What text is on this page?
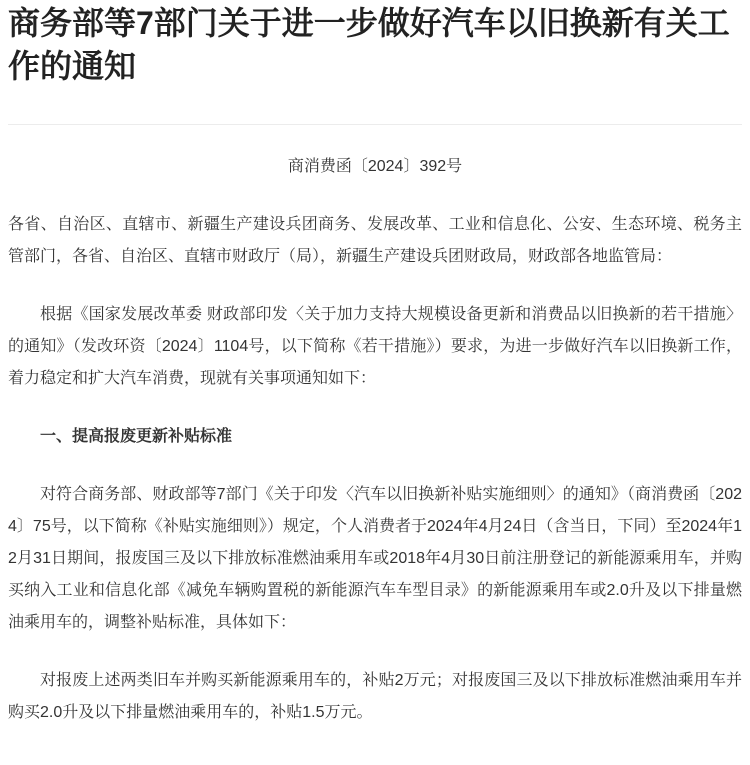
商务部等7部门关于进一步做好汽车以旧换新有关工作的通知

商消费函〔2024〕392号

各省、自治区、直辖市、新疆生产建设兵团商务、发展改革、工业和信息化、公安、生态环境、税务主管部门，各省、自治区、直辖市财政厅（局），新疆生产建设兵团财政局，财政部各地监管局：

根据《国家发展改革委 财政部印发〈关于加力支持大规模设备更新和消费品以旧换新的若干措施〉的通知》（发改环资〔2024〕1104号，以下简称《若干措施》）要求，为进一步做好汽车以旧换新工作，着力稳定和扩大汽车消费，现就有关事项通知如下：

一、提高报废更新补贴标准

对符合商务部、财政部等7部门《关于印发〈汽车以旧换新补贴实施细则〉的通知》（商消费函〔2024〕75号，以下简称《补贴实施细则》）规定，个人消费者于2024年4月24日（含当日，下同）至2024年12月31日期间，报废国三及以下排放标准燃油乘用车或2018年4月30日前注册登记的新能源乘用车，并购买纳入工业和信息化部《减免车辆购置税的新能源汽车车型目录》的新能源乘用车或2.0升及以下排量燃油乘用车的，调整补贴标准，具体如下：

对报废上述两类旧车并购买新能源乘用车的，补贴2万元；对报废国三及以下排放标准燃油乘用车并购买2.0升及以下排量燃油乘用车的，补贴1.5万元。
